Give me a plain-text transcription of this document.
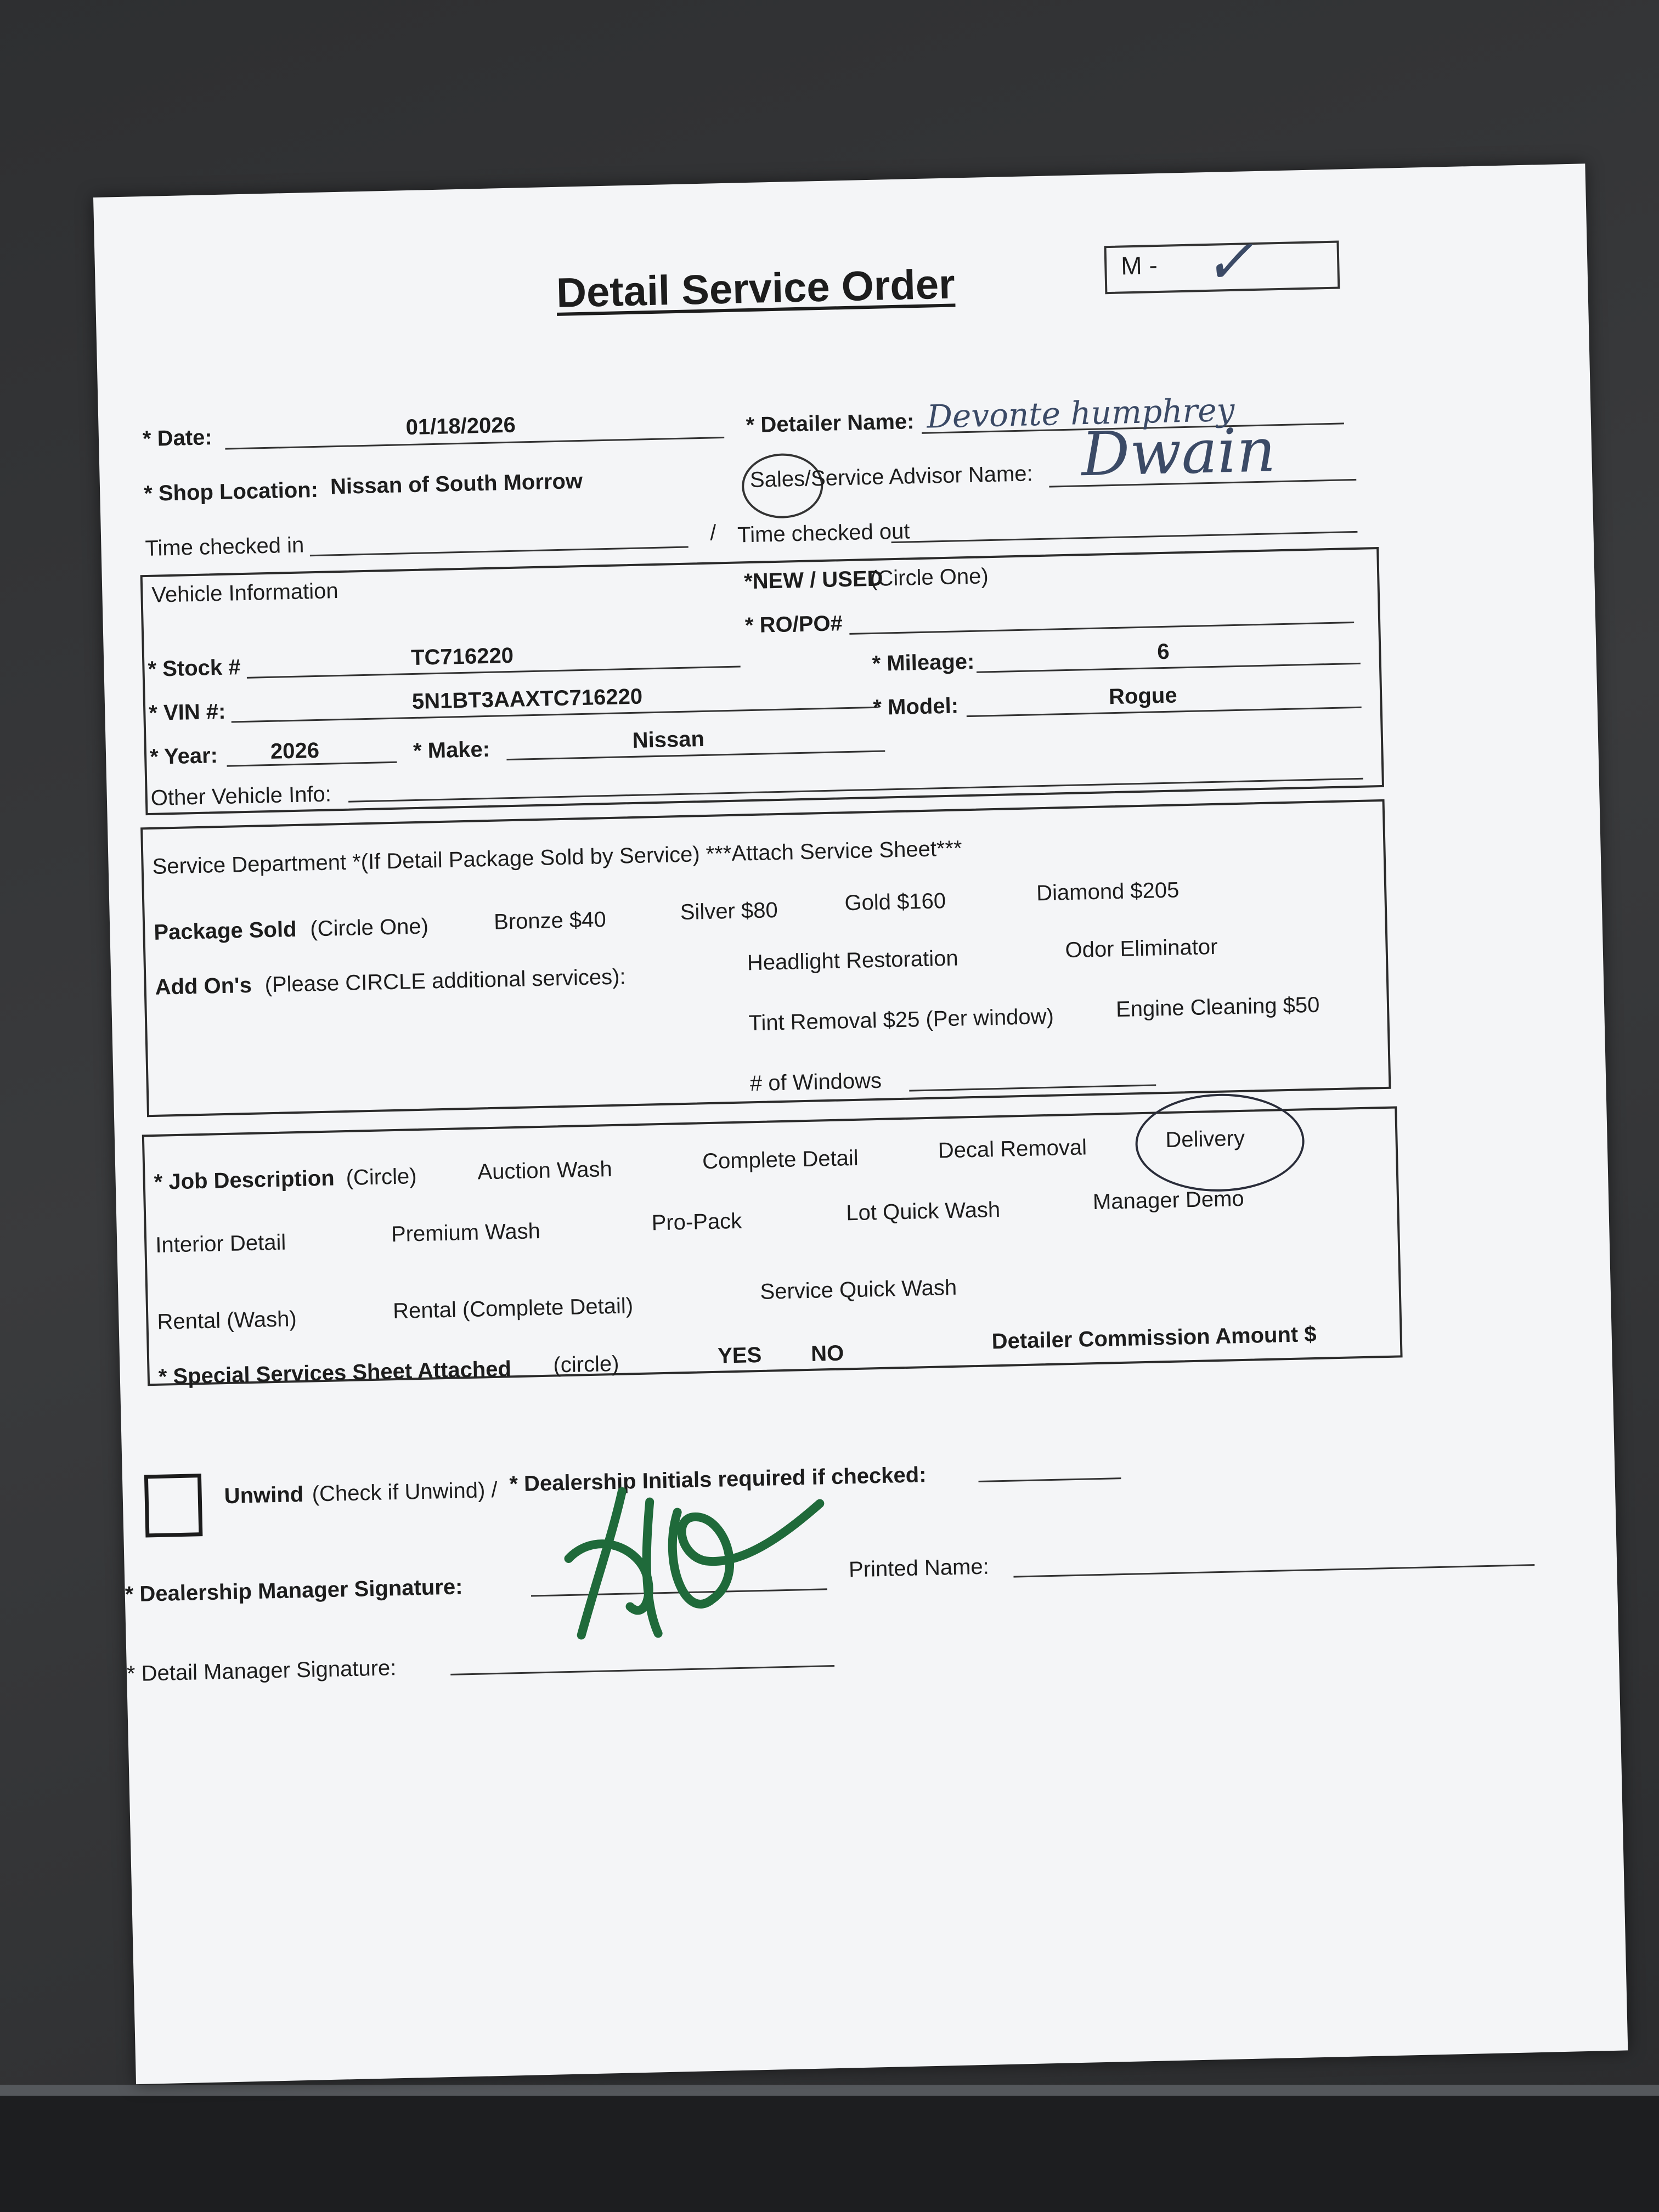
Detail Service Order	M - ✓
* Date:	01/18/2026	* Detailer Name: Devonte humphrey
* Shop Location: Nissan of South Morrow	Sales
/Service Advisor Name: Dwain
Time checked in	/ Time checked out
Vehicle Information	*NEW / USED
(Circle One)
* RO/PO#
* Stock #	TC716220	* Mileage:	6
* VIN #:	5N1BT3AAXTC716220	* Model:	Rogue
* Year: 2026	* Make:	Nissan
Other Vehicle Info:
Service Department *(If Detail Package Sold by Service) ***Attach Service Sheet***
Package Sold (Circle One)	Bronze $40	Silver $80	Gold $160	Diamond $205
Add On's (Please CIRCLE additional services):
Headlight Restoration	Odor Eliminator
Tint Removal $25 (Per window)	Engine Cleaning $50
# of Windows
* Job Description (Circle)	Auction Wash	Complete Detail	Decal Removal	Delivery
Interior Detail	Premium Wash	Pro-Pack	Lot Quick Wash	Manager Demo
Rental (Wash)	Rental (Complete Detail)
Service Quick Wash
* Special Services Sheet Attached (circle)	YES NO	Detailer Commission Amount $
Unwind (Check if Unwind) / * Dealership Initials required if checked:
* Dealership Manager Signature:
Printed Name:
* Detail Manager Signature:
